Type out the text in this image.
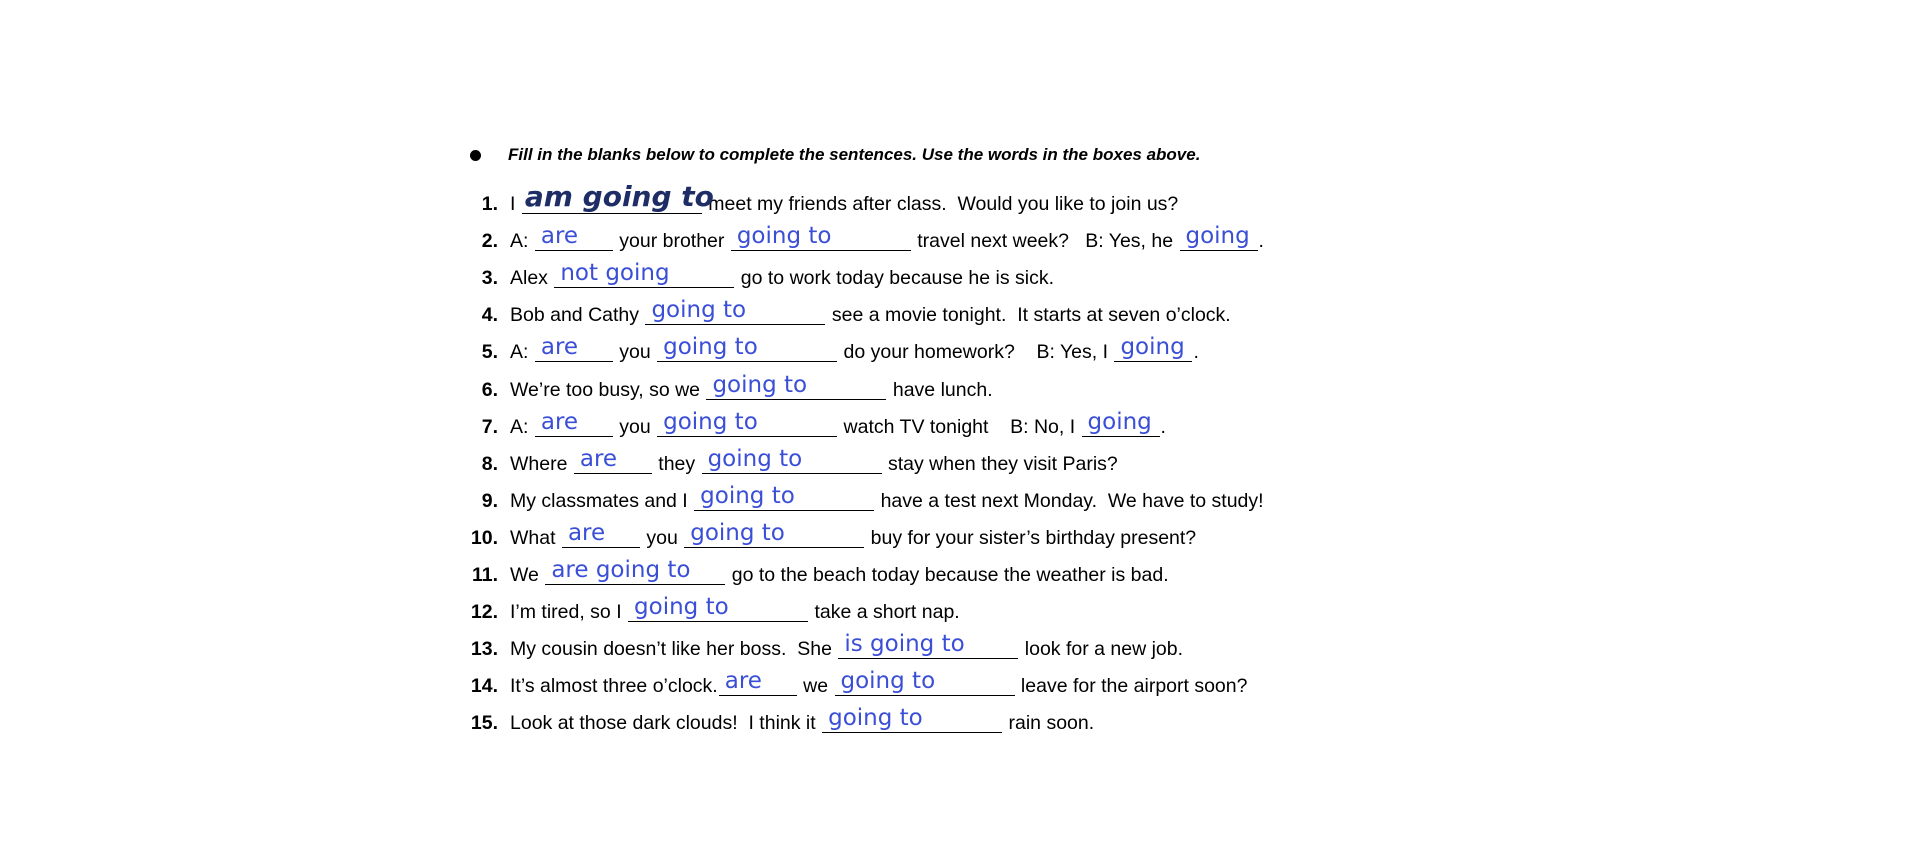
Fill in the blanks below to complete the sentences. Use the words in the boxes above.
1. I am going to
meet my friends after class.  Would you like to join us?
2. A: are your brother going to	travel next week?   B: Yes, he going .
3. Alex not going	go to work today because he is sick.
4. Bob and Cathy going to	see a movie tonight.  It starts at seven o’clock.
5. A: are you going to	do your homework?    B: Yes, I going .
6. We’re too busy, so we going to	have lunch.
7. A: are you going to	watch TV tonight    B: No, I going .
8. Where are they going to	stay when they visit Paris?
9. My classmates and I going to	have a test next Monday.  We have to study!
10. What are you going to	buy for your sister’s birthday present?
11. We are going to go to the beach today because the weather is bad.
12. I’m tired, so I going to	take a short nap.
13. My cousin doesn’t like her boss.  She is going to	look for a new job.
14. It’s almost three o’clock. are we going to	leave for the airport soon?
15. Look at those dark clouds!  I think it going to	rain soon.
